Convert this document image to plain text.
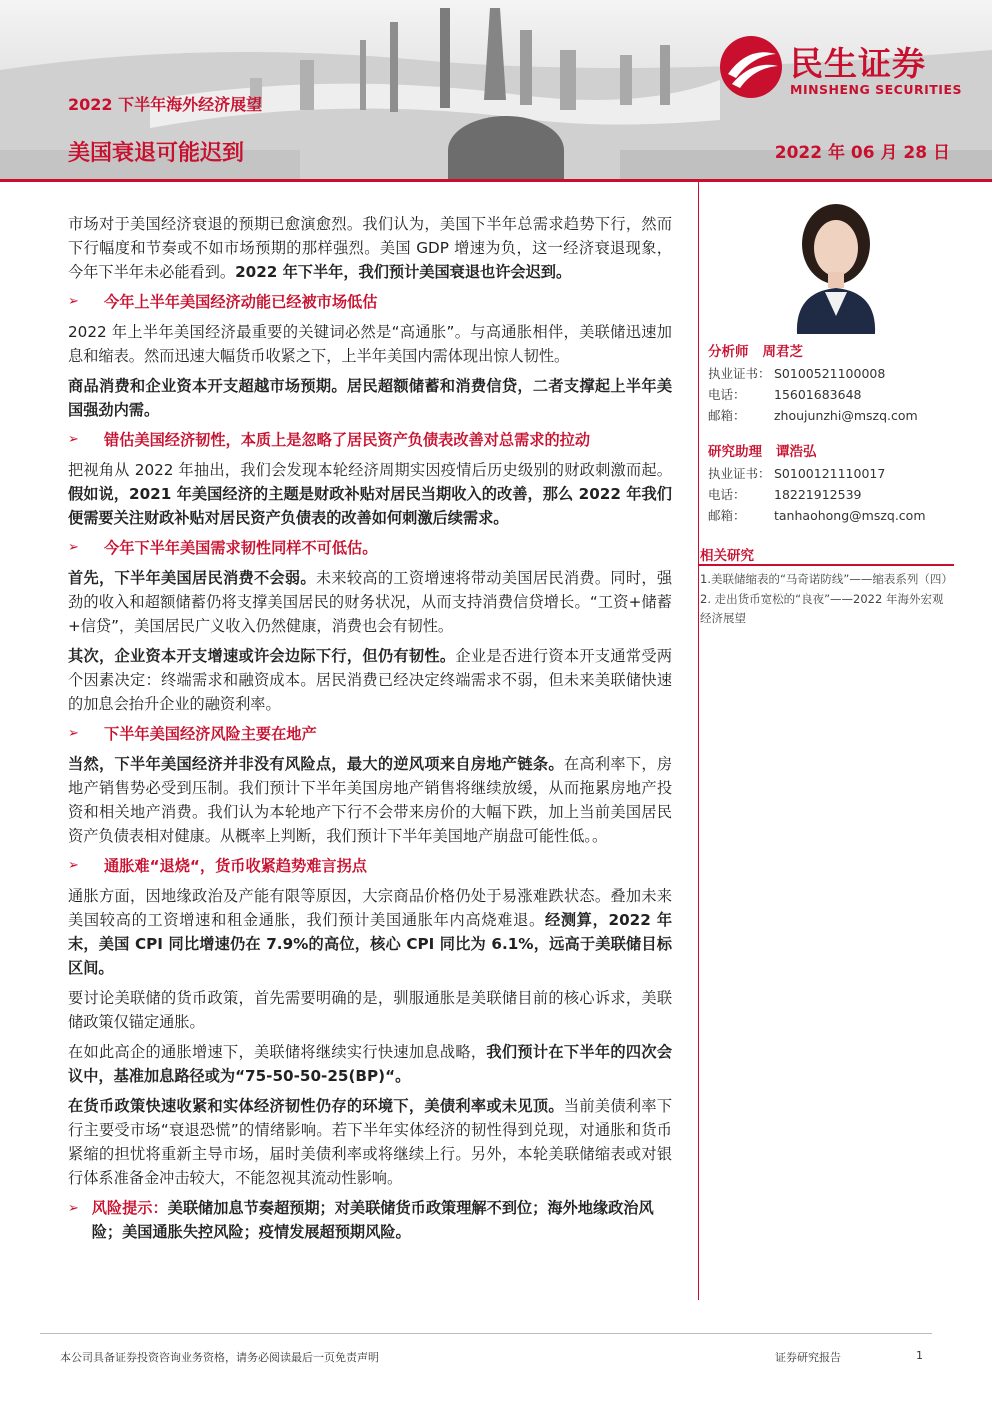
2022 下半年海外经济展望
美国衰退可能迟到	2022 年 06 月 28 日
民生证券
MINSHENG SECURITIES

市场对于美国经济衰退的预期已愈演愈烈。我们认为，美国下半年总需求趋势下行，然而下行幅度和节奏或不如市场预期的那样强烈。美国 GDP 增速为负，这一经济衰退现象，今年下半年未必能看到。2022 年下半年，我们预计美国衰退也许会迟到。

➢	今年上半年美国经济动能已经被市场低估

2022 年上半年美国经济最重要的关键词必然是“高通胀”。与高通胀相伴，美联储迅速加息和缩表。然而迅速大幅货币收紧之下，上半年美国内需体现出惊人韧性。

商品消费和企业资本开支超越市场预期。居民超额储蓄和消费信贷，二者支撑起上半年美国强劲内需。

➢	错估美国经济韧性，本质上是忽略了居民资产负债表改善对总需求的拉动

把视角从 2022 年抽出，我们会发现本轮经济周期实因疫情后历史级别的财政刺激而起。假如说，2021 年美国经济的主题是财政补贴对居民当期收入的改善，那么 2022 年我们便需要关注财政补贴对居民资产负债表的改善如何刺激后续需求。

➢	今年下半年美国需求韧性同样不可低估。

首先，下半年美国居民消费不会弱。未来较高的工资增速将带动美国居民消费。同时，强劲的收入和超额储蓄仍将支撑美国居民的财务状况，从而支持消费信贷增长。“工资+储蓄+信贷”，美国居民广义收入仍然健康，消费也会有韧性。

其次，企业资本开支增速或许会边际下行，但仍有韧性。企业是否进行资本开支通常受两个因素决定：终端需求和融资成本。居民消费已经决定终端需求不弱，但未来美联储快速的加息会抬升企业的融资利率。

➢	下半年美国经济风险主要在地产

当然，下半年美国经济并非没有风险点，最大的逆风项来自房地产链条。在高利率下，房地产销售势必受到压制。我们预计下半年美国房地产销售将继续放缓，从而拖累房地产投资和相关地产消费。我们认为本轮地产下行不会带来房价的大幅下跌，加上当前美国居民资产负债表相对健康。从概率上判断，我们预计下半年美国地产崩盘可能性低。。

➢	通胀难“退烧“，货币收紧趋势难言拐点

通胀方面，因地缘政治及产能有限等原因，大宗商品价格仍处于易涨难跌状态。叠加未来美国较高的工资增速和租金通胀，我们预计美国通胀年内高烧难退。经测算，2022 年末，美国 CPI 同比增速仍在 7.9%的高位，核心 CPI 同比为 6.1%，远高于美联储目标区间。

要讨论美联储的货币政策，首先需要明确的是，驯服通胀是美联储目前的核心诉求，美联储政策仅锚定通胀。

在如此高企的通胀增速下，美联储将继续实行快速加息战略，我们预计在下半年的四次会议中，基准加息路径或为“75-50-50-25(BP)“。

在货币政策快速收紧和实体经济韧性仍存的环境下，美债利率或未见顶。当前美债利率下行主要受市场“衰退恐慌”的情绪影响。若下半年实体经济的韧性得到兑现，对通胀和货币紧缩的担忧将重新主导市场，届时美债利率或将继续上行。另外，本轮美联储缩表或对银行体系准备金冲击较大，不能忽视其流动性影响。

➢ 风险提示：美联储加息节奏超预期；对美联储货币政策理解不到位；海外地缘政治风险；美国通胀失控风险；疫情发展超预期风险。
分析师 周君芝
执业证书： S0100521100008
电话：	15601683648
邮箱：	zhoujunzhi@mszq.com
研究助理 谭浩弘
执业证书： S0100121110017
电话：	18221912539
邮箱：	tanhaohong@mszq.com
相关研究
1.美联储缩表的“马奇诺防线”——缩表系列（四）
2. 走出货币宽松的“良夜”——2022 年海外宏观经济展望
本公司具备证券投资咨询业务资格，请务必阅读最后一页免责声明	证券研究报告	1
